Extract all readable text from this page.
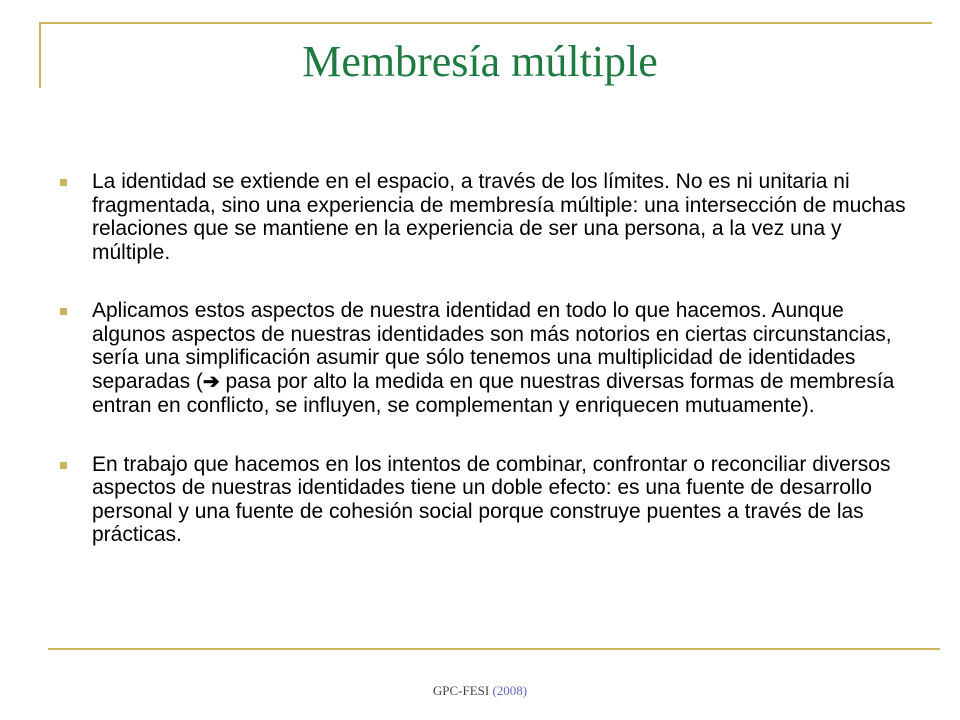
Membresía múltiple
La identidad se extiende en el espacio, a través de los límites. No es ni unitaria ni fragmentada, sino una experiencia de membresía múltiple: una intersección de muchas relaciones que se mantiene en la experiencia de ser una persona, a la vez una y múltiple.
Aplicamos estos aspectos de nuestra identidad en todo lo que hacemos. Aunque algunos aspectos de nuestras identidades son más notorios en ciertas circunstancias, sería una simplificación asumir que sólo tenemos una multiplicidad de identidades separadas (➔ pasa por alto la medida en que nuestras diversas formas de membresía entran en conflicto, se influyen, se complementan y enriquecen mutuamente).
En trabajo que hacemos en los intentos de combinar, confrontar o reconciliar diversos aspectos de nuestras identidades tiene un doble efecto: es una fuente de desarrollo personal y una fuente de cohesión social porque construye puentes a través de las prácticas.
GPC-FESI (2008)
